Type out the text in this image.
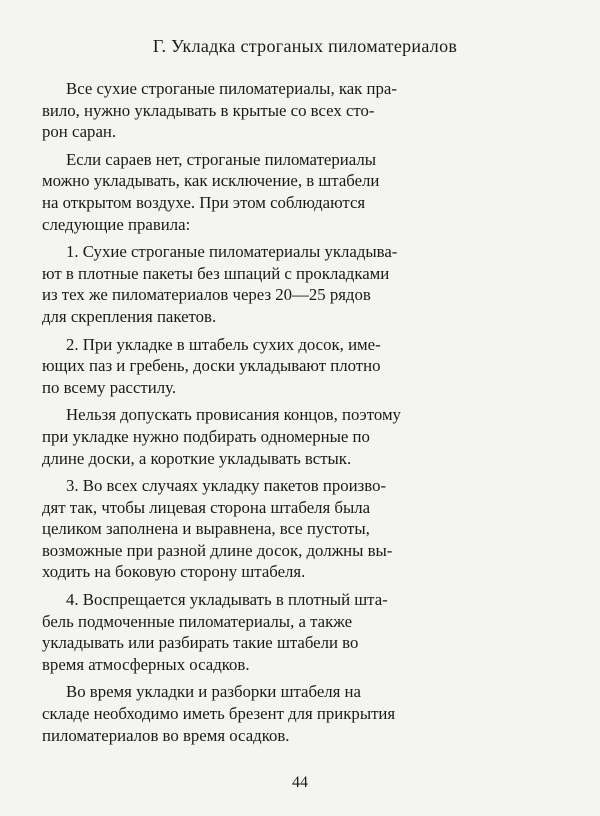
Г. Укладка строганых пиломатериалов

Все сухие строганые пиломатериалы, как пра-
вило, нужно укладывать в крытые со всех сто-
рон саран.

Если сараев нет, строганые пиломатериалы
можно укладывать, как исключение, в штабели
на открытом воздухе. При этом соблюдаются
следующие правила:

1. Сухие строганые пиломатериалы укладыва-
ют в плотные пакеты без шпаций с прокладками
из тех же пиломатериалов через 20—25 рядов
для скрепления пакетов.

2. При укладке в штабель сухих досок, име-
ющих паз и гребень, доски укладывают плотно
по всему расстилу.

Нельзя допускать провисания концов, поэтому
при укладке нужно подбирать одномерные по
длине доски, а короткие укладывать встык.

3. Во всех случаях укладку пакетов произво-
дят так, чтобы лицевая сторона штабеля была
целиком заполнена и выравнена, все пустоты,
возможные при разной длине досок, должны вы-
ходить на боковую сторону штабеля.

4. Воспрещается укладывать в плотный шта-
бель подмоченные пиломатериалы, а также
укладывать или разбирать такие штабели во
время атмосферных осадков.

Во время укладки и разборки штабеля на
складе необходимо иметь брезент для прикрытия
пиломатериалов во время осадков.

44
